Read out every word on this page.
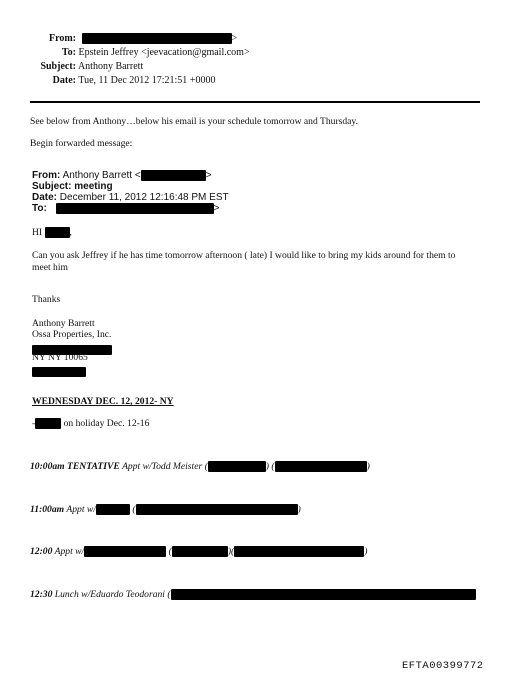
From:	>
To: Epstein Jeffrey <jeevacation@gmail.com>
Subject: Anthony Barrett
Date: Tue, 11 Dec 2012 17:21:51 +0000
See below from Anthony…below his email is your schedule tomorrow and Thursday.
Begin forwarded message:
From: Anthony Barrett <	>
Subject: meeting
Date: December 11, 2012 12:16:48 PM EST
To:	>
HI	,
Can you ask Jeffrey if he has time tomorrow afternoon ( late) I would like to bring my kids around for them to
meet him
Thanks
Anthony Barrett
Ossa Properties, Inc.
NY NY 10065
WEDNESDAY DEC. 12, 2012- NY
-	on holiday Dec. 12-16
10:00am TENTATIVE Appt w/Todd Meister (	) (	)
11:00am Appt w/	(	)
12:00 Appt w/	(	)(	)
12:30 Lunch w/Eduardo Teodorani (
EFTA00399772
